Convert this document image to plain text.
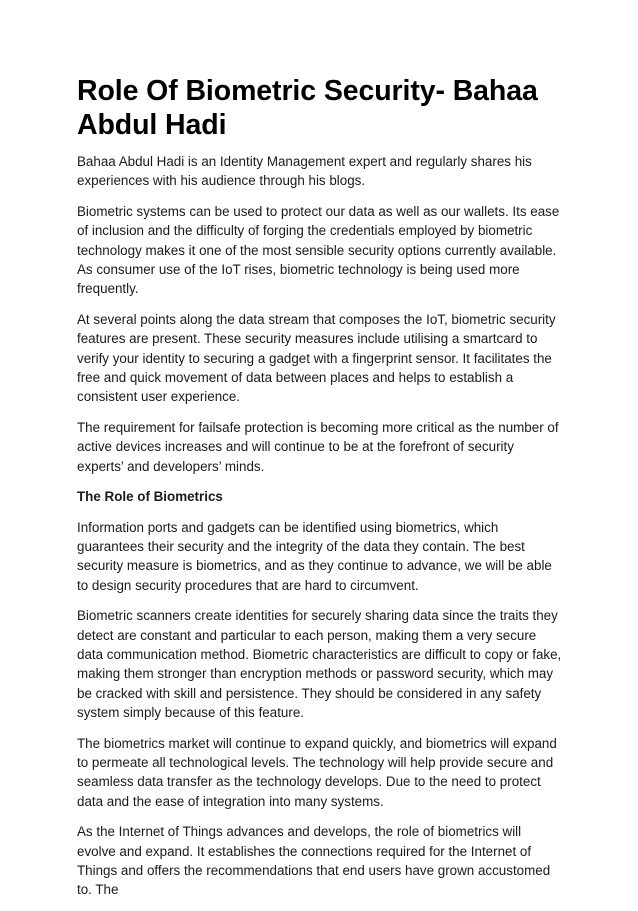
Role Of Biometric Security- Bahaa Abdul Hadi

Bahaa Abdul Hadi is an Identity Management expert and regularly shares his experiences with his audience through his blogs.

Biometric systems can be used to protect our data as well as our wallets. Its ease of inclusion and the difficulty of forging the credentials employed by biometric technology makes it one of the most sensible security options currently available. As consumer use of the IoT rises, biometric technology is being used more frequently.

At several points along the data stream that composes the IoT, biometric security features are present. These security measures include utilising a smartcard to verify your identity to securing a gadget with a fingerprint sensor. It facilitates the free and quick movement of data between places and helps to establish a consistent user experience.

The requirement for failsafe protection is becoming more critical as the number of active devices increases and will continue to be at the forefront of security experts’ and developers’ minds.

The Role of Biometrics

Information ports and gadgets can be identified using biometrics, which guarantees their security and the integrity of the data they contain. The best security measure is biometrics, and as they continue to advance, we will be able to design security procedures that are hard to circumvent.

Biometric scanners create identities for securely sharing data since the traits they detect are constant and particular to each person, making them a very secure data communication method. Biometric characteristics are difficult to copy or fake, making them stronger than encryption methods or password security, which may be cracked with skill and persistence. They should be considered in any safety system simply because of this feature.

The biometrics market will continue to expand quickly, and biometrics will expand to permeate all technological levels. The technology will help provide secure and seamless data transfer as the technology develops. Due to the need to protect data and the ease of integration into many systems.

As the Internet of Things advances and develops, the role of biometrics will evolve and expand. It establishes the connections required for the Internet of Things and offers the recommendations that end users have grown accustomed to. The
